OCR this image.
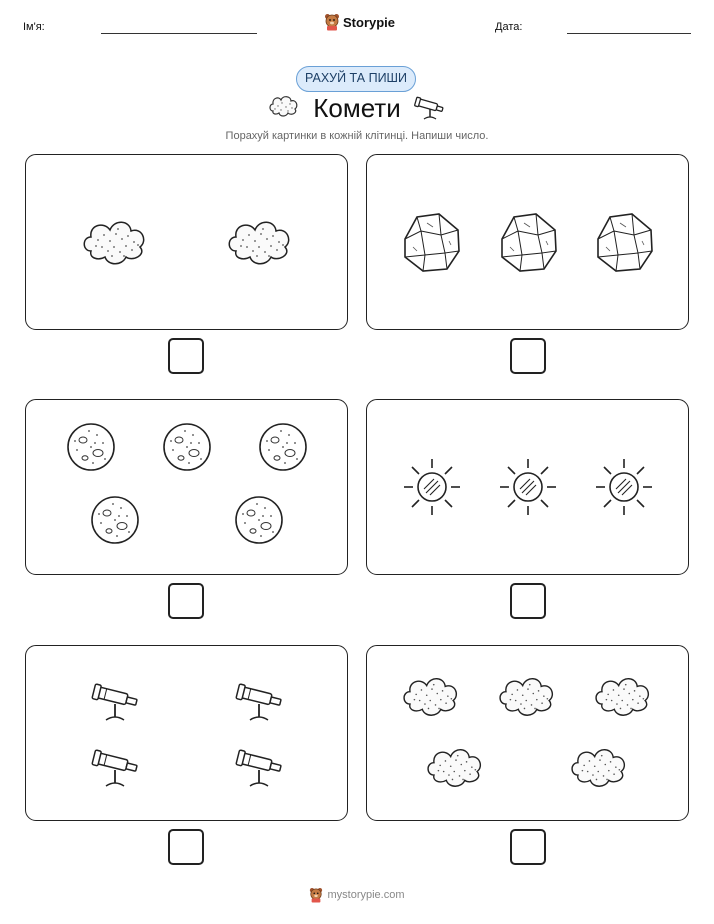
Ім'я:	Storypie	Дата:
РАХУЙ ТА ПИШИ
Комети
Порахуй картинки в кожній клітинці. Напиши число.
mystorypie.com
